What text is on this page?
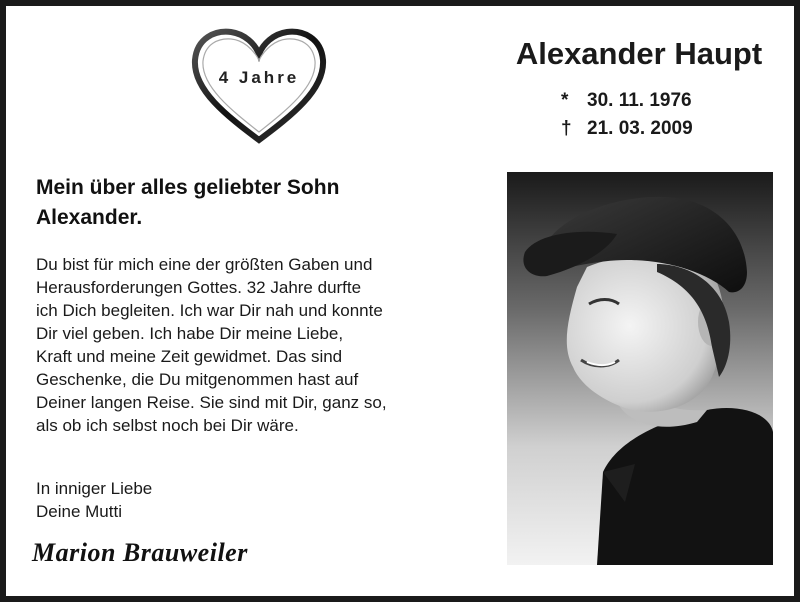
4 Jahre
Alexander Haupt
* 30. 11. 1976
† 21. 03. 2009
Mein über alles geliebter Sohn
Alexander.
Du bist für mich eine der größten Gaben und
Herausforderungen Gottes. 32 Jahre durfte
ich Dich begleiten. Ich war Dir nah und konnte
Dir viel geben. Ich habe Dir meine Liebe,
Kraft und meine Zeit gewidmet. Das sind
Geschenke, die Du mitgenommen hast auf
Deiner langen Reise. Sie sind mit Dir, ganz so,
als ob ich selbst noch bei Dir wäre.
In inniger Liebe
Deine Mutti
Marion Brauweiler
